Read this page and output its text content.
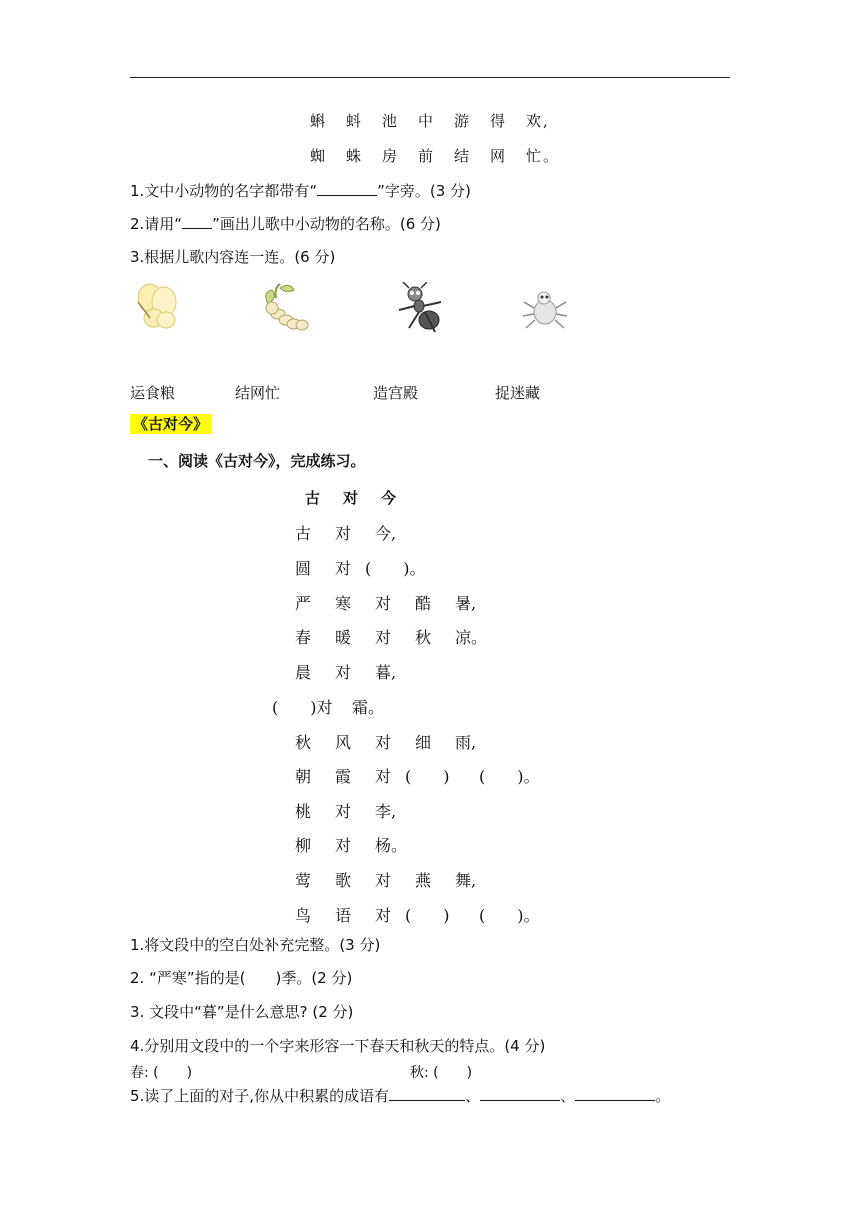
蝌 蚪 池 中 游 得 欢,
蜘 蛛 房 前 结 网 忙。
1.文中小动物的名字都带有“	”字旁。(3 分)
2.请用“ ”画出儿歌中小动物的名称。(6 分)
3.根据儿歌内容连一连。(6 分)
运食粮	结网忙	造宫殿	捉迷藏
《古对今》
一、阅读《古对今》，完成练习。
古 对 今
古 对 今,
圆 对 (　　)。
严 寒 对 酷 暑,
春 暖 对 秋 凉。
晨 对 暮,
(　　)对 霜。
秋 风 对 细 雨,
朝 霞 对 (　　) (　　)。
桃 对 李,
柳 对 杨。
莺 歌 对 燕 舞,
鸟 语 对 (　　) (　　)。
1.将文段中的空白处补充完整。(3 分)
2. “严寒”指的是(　　)季。(2 分)
3. 文段中“暮”是什么意思? (2 分)
4.分别用文段中的一个字来形容一下春天和秋天的特点。(4 分)
春: (　　)	秋: (　　)
5.读了上面的对子,你从中积累的成语有	、	、	。
